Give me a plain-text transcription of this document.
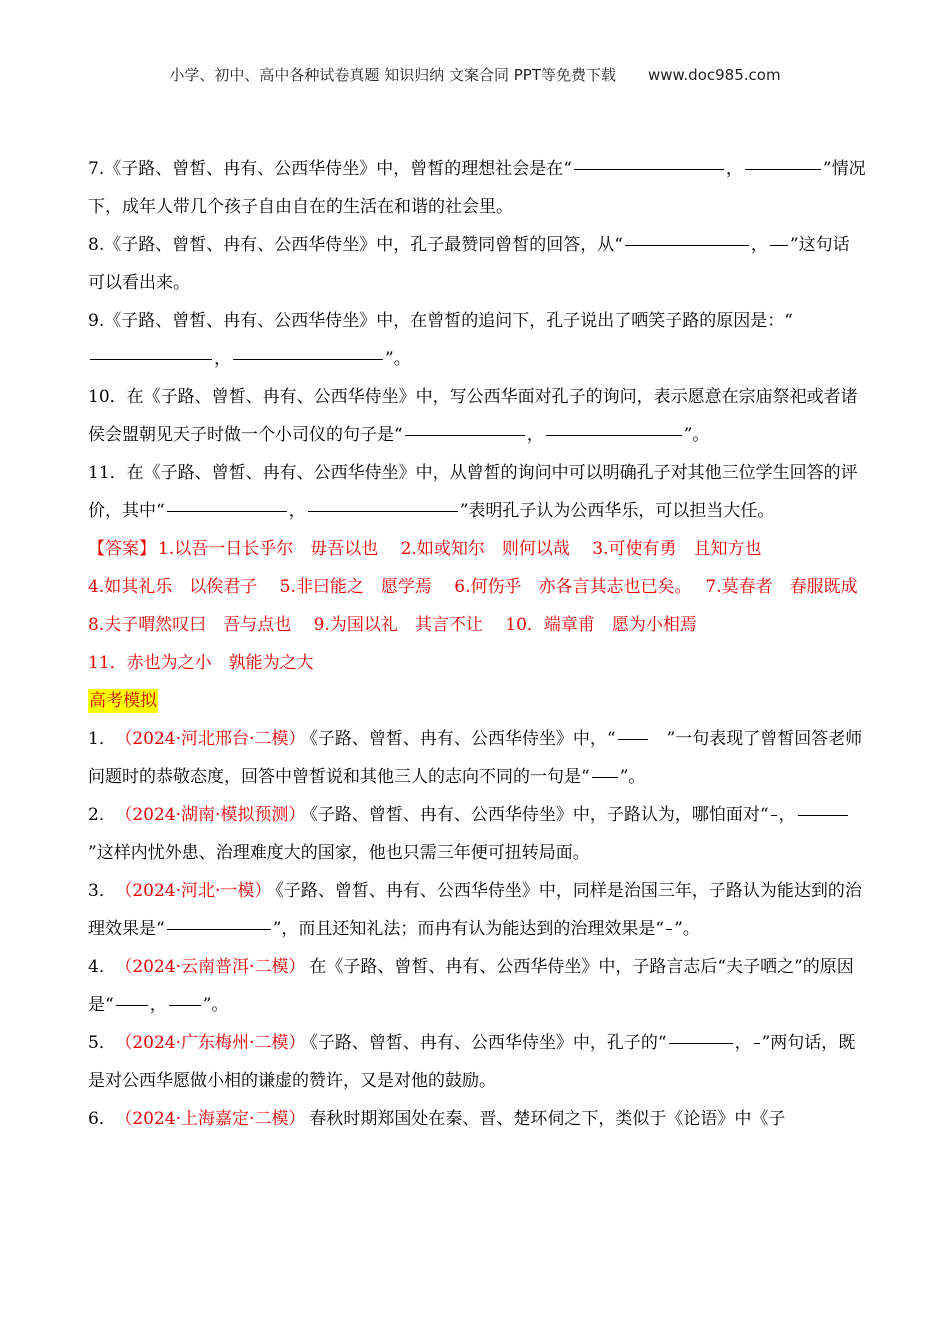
小学、初中、高中各种试卷真题 知识归纳 文案合同 PPT等免费下载 www.doc985.com

7.《子路、曾皙、冉有、公西华侍坐》中，曾皙的理想社会是在“	，	”情况下，成年人带几个孩子自由自在的生活在和谐的社会里。

8.《子路、曾皙、冉有、公西华侍坐》中，孔子最赞同曾皙的回答，从“	， ”这句话可以看出来。

9.《子路、曾皙、冉有、公西华侍坐》中，在曾皙的追问下，孔子说出了哂笑子路的原因是：“，	”。

10．在《子路、曾皙、冉有、公西华侍坐》中，写公西华面对孔子的询问，表示愿意在宗庙祭祀或者诸侯会盟朝见天子时做一个小司仪的句子是“	，	”。

11．在《子路、曾皙、冉有、公西华侍坐》中，从曾皙的询问中可以明确孔子对其他三位学生回答的评价，其中“	，	”表明孔子认为公西华乐，可以担当大任。

【答案】 1.以吾一日长乎尔　毋吾以也　 2.如或知尔　则何以哉　 3.可使有勇　且知方也　 4.如其礼乐　以俟君子　 5.非曰能之　愿学焉　 6.何伤乎　亦各言其志也已矣。　 7.莫春者　春服既成　 8.夫子喟然叹曰　吾与点也　 9.为国以礼　其言不让　 10．端章甫　愿为小相焉　 11．赤也为之小　孰能为之大

高考模拟

1． （2024·河北邢台·二模） 《子路、曾皙、冉有、公西华侍坐》中，“　	”一句表现了曾皙回答老师问题时的恭敬态度，回答中曾皙说和其他三人的志向不同的一句是“ ”。

2． （2024·湖南·模拟预测） 《子路、曾皙、冉有、公西华侍坐》中，子路认为，哪怕面对“ ，”这样内忧外患、治理难度大的国家，他也只需三年便可扭转局面。

3． （2024·河北·一模） 《子路、曾皙、冉有、公西华侍坐》中，同样是治国三年，子路认为能达到的治理效果是“	”，而且还知礼法；而冉有认为能达到的治理效果是“ ”。

4． （2024·云南普洱·二模） 在《子路、曾皙、冉有、公西华侍坐》中，子路言志后“夫子哂之”的原因是“ ， ”。

5． （2024·广东梅州·二模） 《子路、曾皙、冉有、公西华侍坐》中，孔子的“	， ”两句话，既是对公西华愿做小相的谦虚的赞许，又是对他的鼓励。

6． （2024·上海嘉定·二模） 春秋时期郑国处在秦、晋、楚环伺之下，类似于《论语》中《子
